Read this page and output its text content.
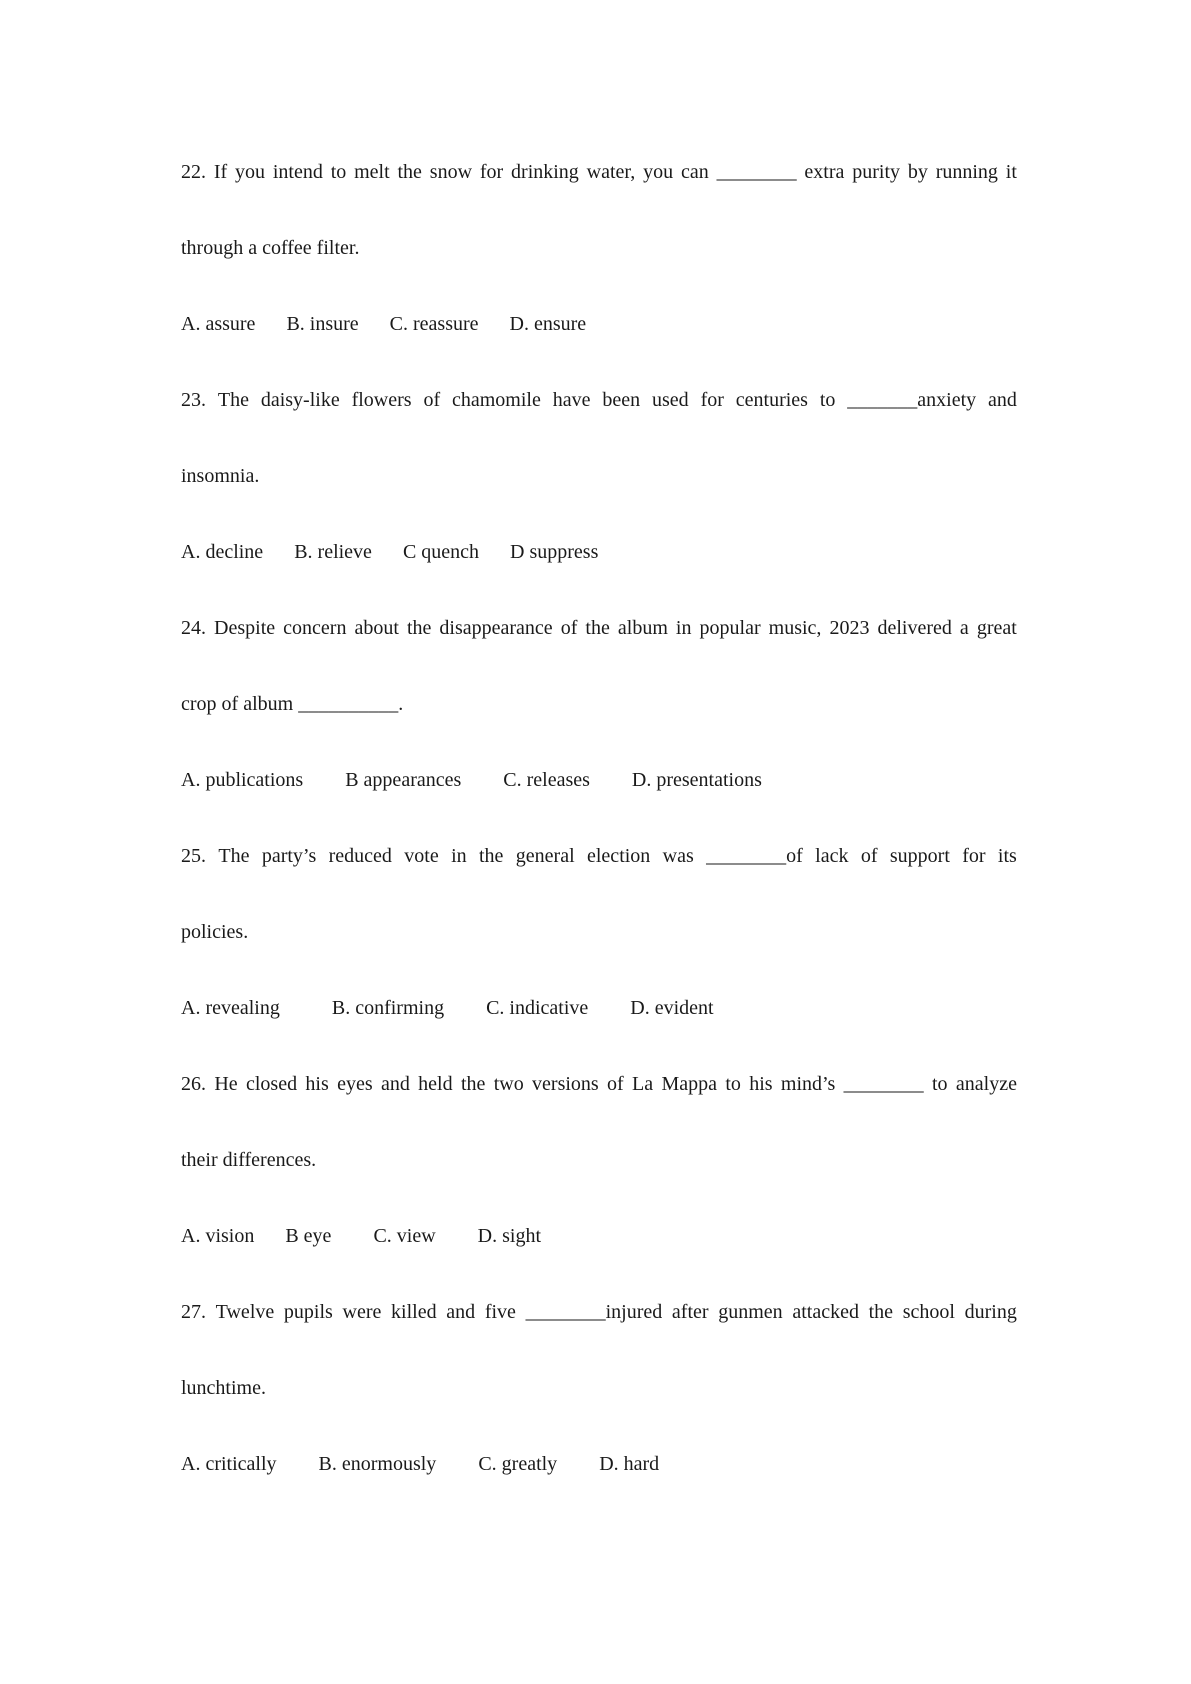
22. If you intend to melt the snow for drinking water, you can ________ extra purity by running it
through a coffee filter.
A. assure B. insure C. reassure D. ensure
23. The daisy-like flowers of chamomile have been used for centuries to _______anxiety and
insomnia.
A. decline B. relieve C quench D suppress
24. Despite concern about the disappearance of the album in popular music, 2023 delivered a great
crop of album __________.
A. publications B appearances C. releases D. presentations
25. The party’s reduced vote in the general election was ________of lack of support for its
policies.
A. revealing	B. confirming C. indicative D. evident
26. He closed his eyes and held the two versions of La Mappa to his mind’s ________ to analyze
their differences.
A. vision B eye C. view D. sight
27. Twelve pupils were killed and five ________injured after gunmen attacked the school during
lunchtime.
A. critically B. enormously C. greatly D. hard
